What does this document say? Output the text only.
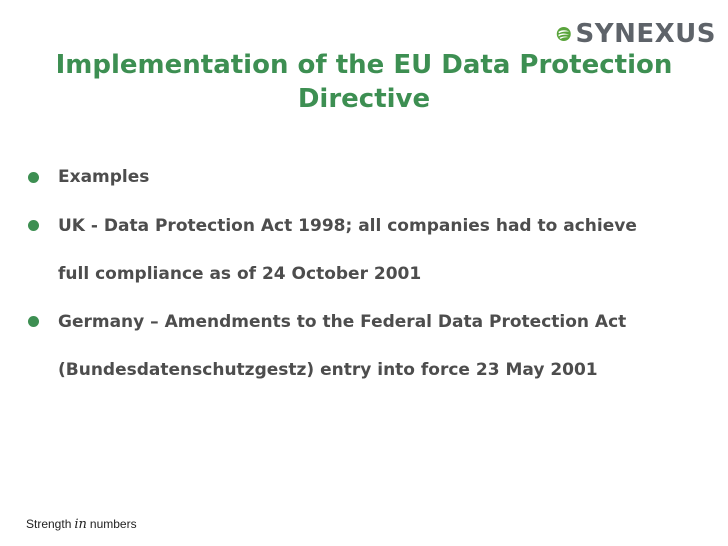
SYNEXUS
Implementation of the EU Data Protection
Directive
Examples
UK - Data Protection Act 1998; all companies had to achieve
full compliance as of 24 October 2001
Germany – Amendments to the Federal Data Protection Act
(Bundesdatenschutzgestz) entry into force 23 May 2001
Strength in numbers
